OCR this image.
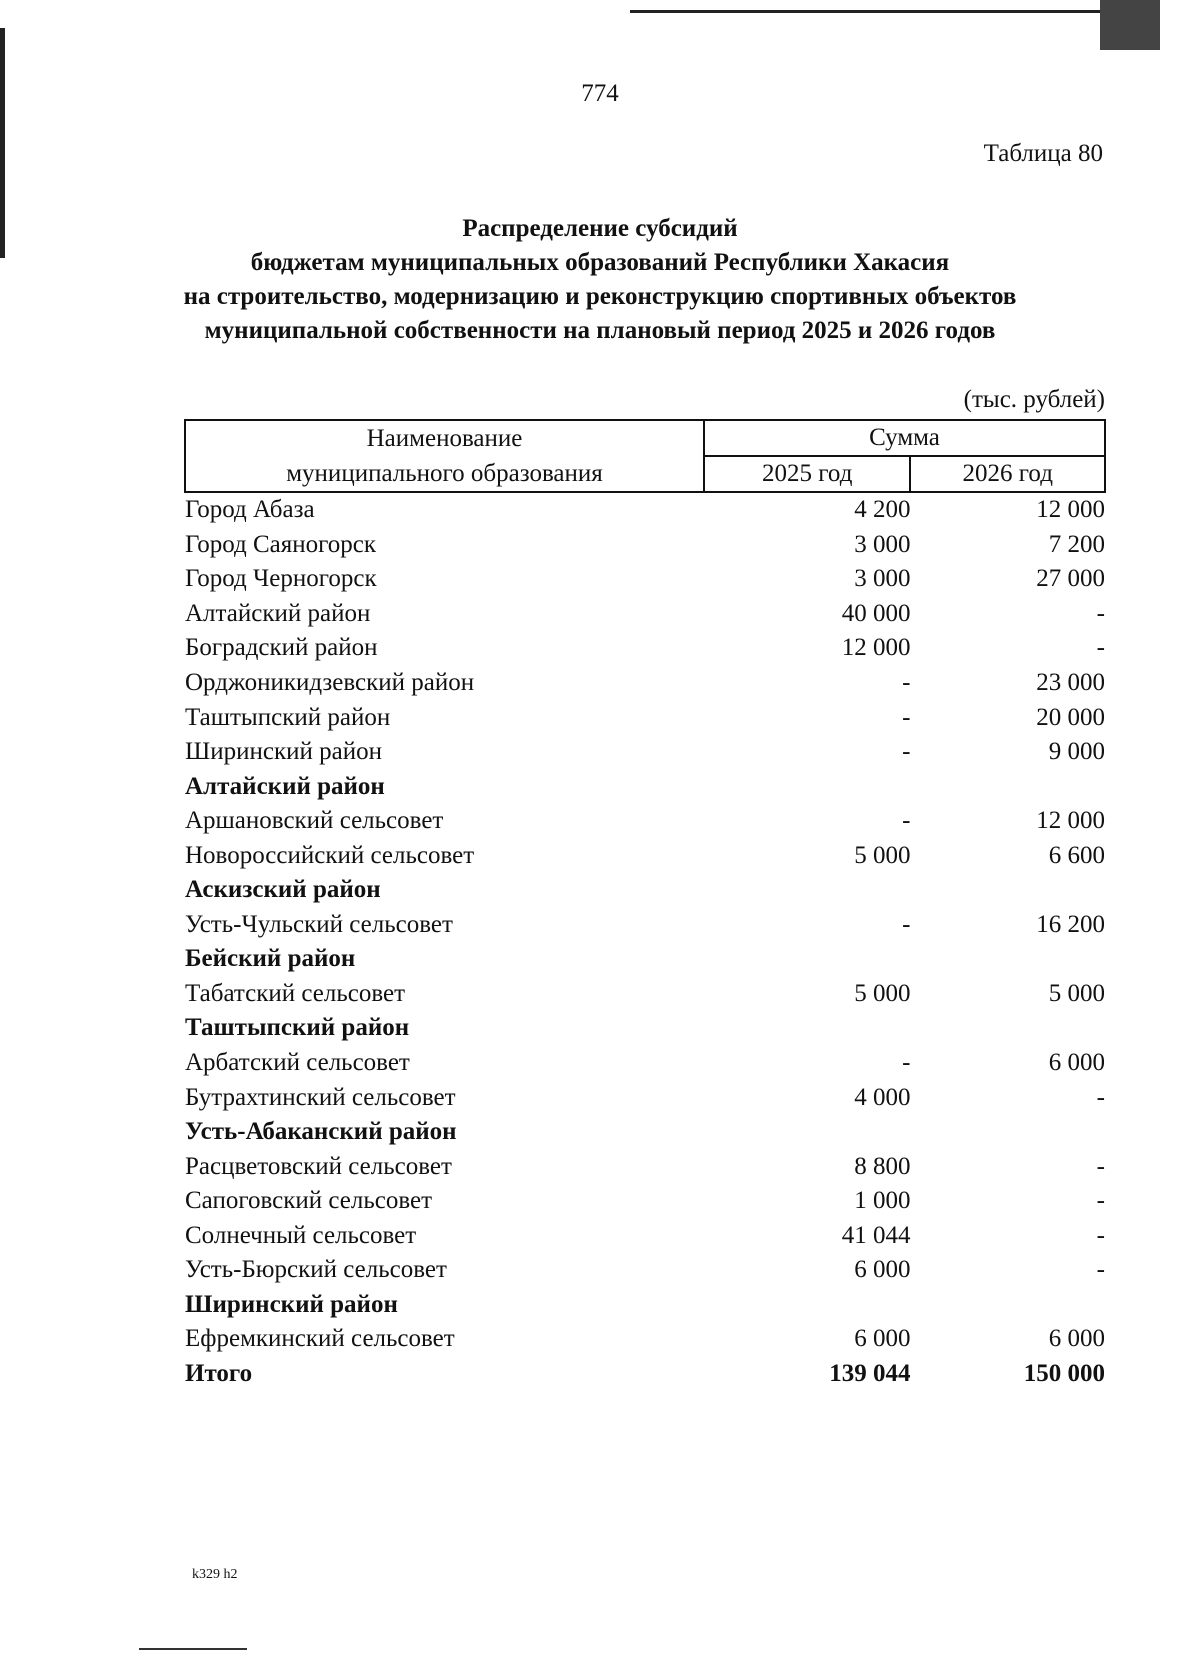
774
Таблица 80
Распределение субсидий
бюджетам муниципальных образований Республики Хакасия
на строительство, модернизацию и реконструкцию спортивных объектов
муниципальной собственности на плановый период 2025 и 2026 годов
(тыс. рублей)
Наименование	Сумма	
муниципального образования	2025 год	2026 год
Город Абаза	4 200	12 000
Город Саяногорск	3 000	7 200
Город Черногорск	3 000	27 000
Алтайский район	40 000	-
Боградский район	12 000	-
Орджоникидзевский район	-	23 000
Таштыпский район	-	20 000
Ширинский район	-	9 000
Алтайский район		
Аршановский сельсовет	-	12 000
Новороссийский сельсовет	5 000	6 600
Аскизский район		
Усть-Чульский сельсовет	-	16 200
Бейский район		
Табатский сельсовет	5 000	5 000
Таштыпский район		
Арбатский сельсовет	-	6 000
Бутрахтинский сельсовет	4 000	-
Усть-Абаканский район		
Расцветовский сельсовет	8 800	-
Сапоговский сельсовет	1 000	-
Солнечный сельсовет	41 044	-
Усть-Бюрский сельсовет	6 000	-
Ширинский район		
Ефремкинский сельсовет	6 000	6 000
Итого	139 044	150 000
k329 h2
